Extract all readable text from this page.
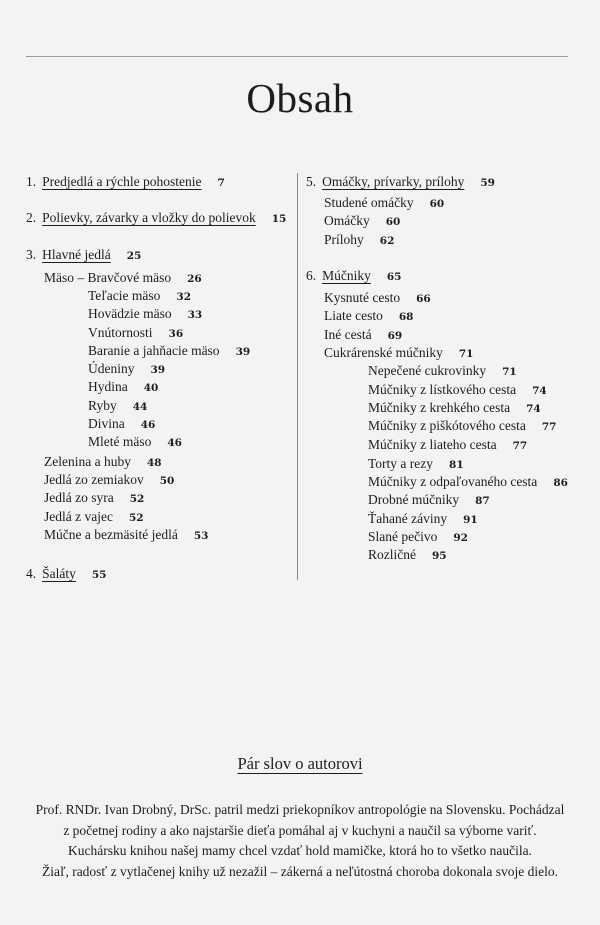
Obsah
1. Predjedlá a rýchle pohostenie 7
2. Polievky, závarky a vložky do polievok 15
3. Hlavné jedlá 25
Mäso – Bravčové mäso 26
Teľacie mäso 32
Hovädzie mäso 33
Vnútornosti 36
Baranie a jahňacie mäso 39
Údeniny 39
Hydina 40
Ryby 44
Divina 46
Mleté mäso 46
Zelenina a huby 48
Jedlá zo zemiakov 50
Jedlá zo syra 52
Jedlá z vajec 52
Múčne a bezmäsité jedlá 53
4. Šaláty 55
5. Omáčky, prívarky, prílohy 59
Studené omáčky 60
Omáčky 60
Prílohy 62
6. Múčniky 65
Kysnuté cesto 66
Liate cesto 68
Iné cestá 69
Cukrárenské múčniky 71
Nepečené cukrovinky 71
Múčniky z lístkového cesta 74
Múčniky z krehkého cesta 74
Múčniky z piškótového cesta 77
Múčniky z liateho cesta 77
Torty a rezy 81
Múčniky z odpaľovaného cesta 86
Drobné múčniky 87
Ťahané záviny 91
Slané pečivo 92
Rozličné 95
Pár slov o autorovi
Prof. RNDr. Ivan Drobný, DrSc. patril medzi priekopníkov antropológie na Slovensku. Pochádzal
z početnej rodiny a ako najstaršie dieťa pomáhal aj v kuchyni a naučil sa výborne variť.
Kuchársku knihou našej mamy chcel vzdať hold mamičke, ktorá ho to všetko naučila.
Žiaľ, radosť z vytlačenej knihy už nezažil – zákerná a neľútostná choroba dokonala svoje dielo.
